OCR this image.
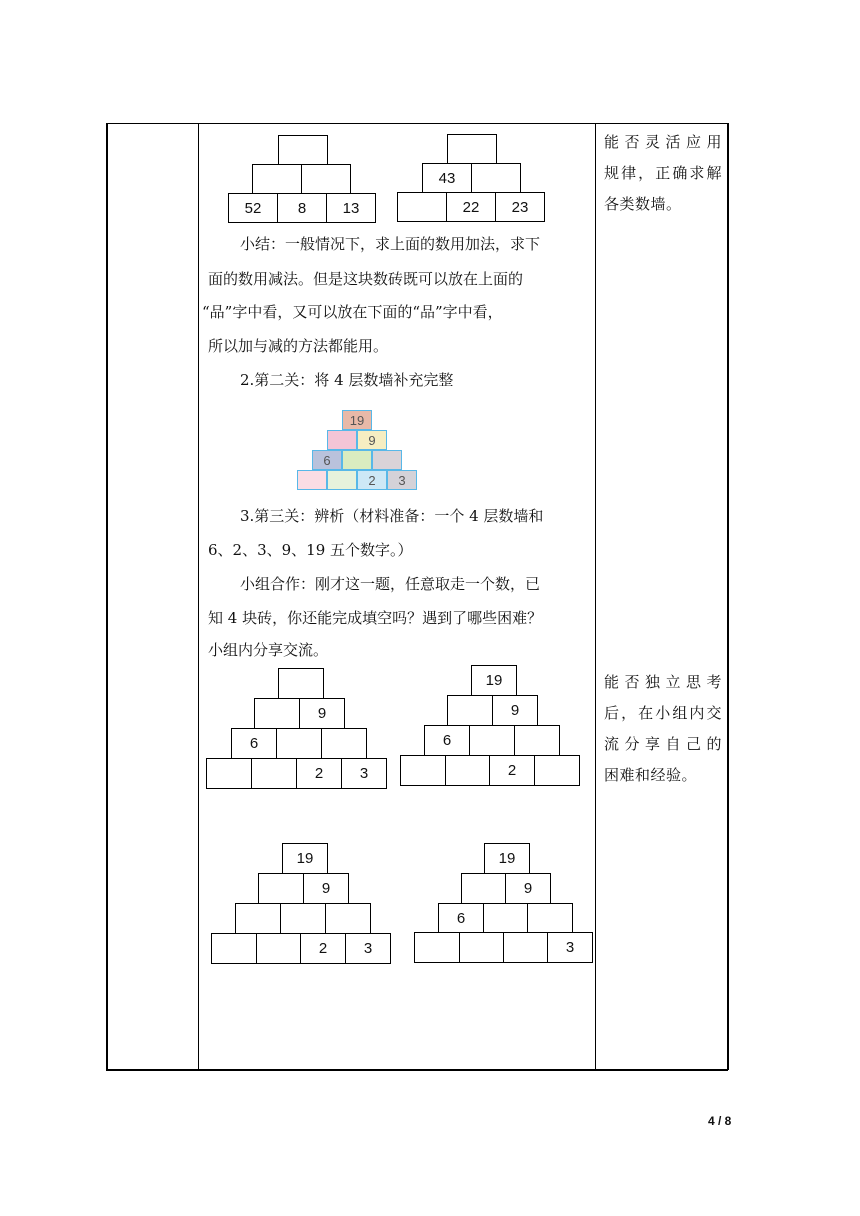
52	8	13
43
22	23
小结：一般情况下，求上面的数用加法，求下
面的数用减法。但是这块数砖既可以放在上面的
“品”字中看，又可以放在下面的“品”字中看，
所以加与减的方法都能用。
2.第二关：将 4 层数墙补充完整
19
9
6
2	3
3.第三关：辨析（材料准备：一个 4 层数墙和
6、2、3、9、19 五个数字。）
小组合作：刚才这一题，任意取走一个数，已
知 4 块砖，你还能完成填空吗？遇到了哪些困难？
小组内分享交流。
9
6
2	3
19
9
6
2
19
9
2	3
19
9
6
3
能否灵活应用
规律，正确求解
各类数墙。
能否独立思考
后，在小组内交
流分享自己的
困难和经验。
4 / 8
